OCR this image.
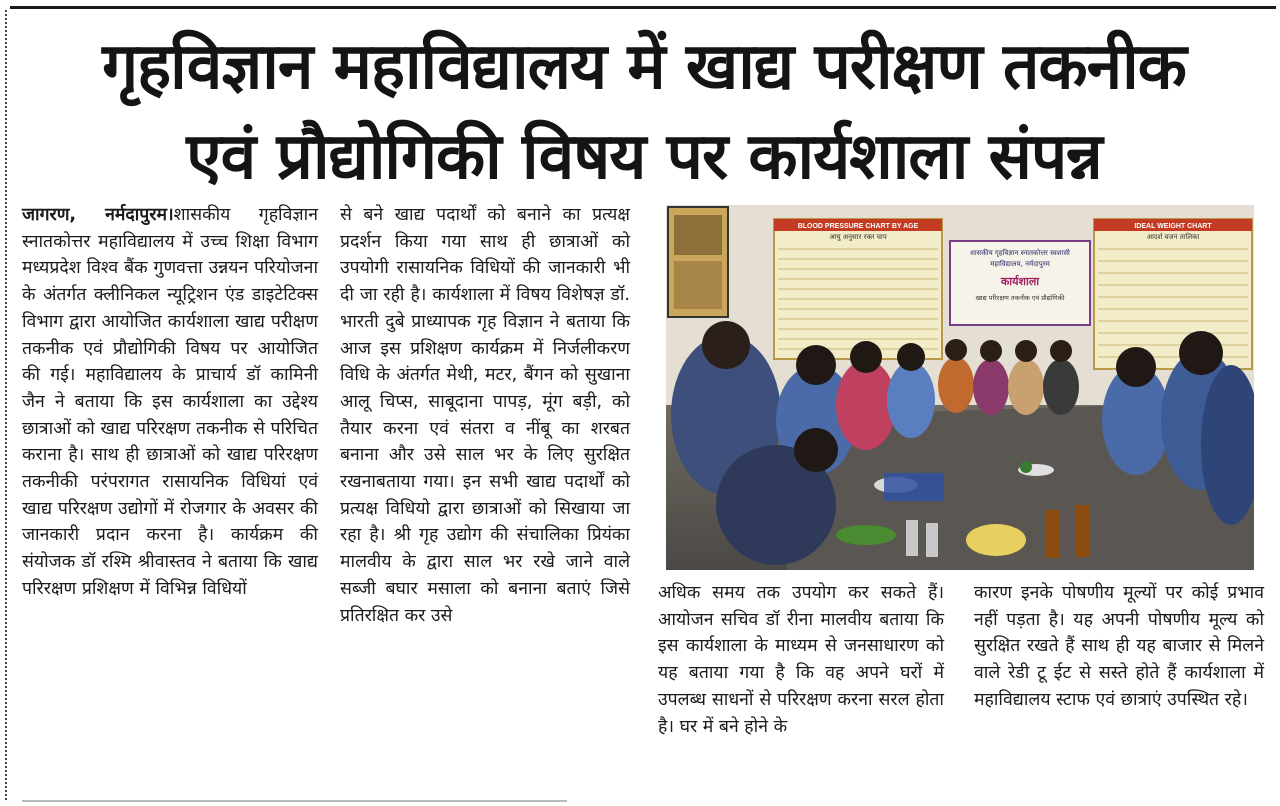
गृहविज्ञान महाविद्यालय में खाद्य परीक्षण तकनीक
एवं प्रौद्योगिकी विषय पर कार्यशाला संपन्न

जागरण, नर्मदापुरम।शासकीय गृहविज्ञान स्नातकोत्तर महाविद्यालय में उच्च शिक्षा विभाग मध्यप्रदेश विश्व बैंक गुणवत्ता उन्नयन परियोजना के अंतर्गत क्लीनिकल न्यूट्रिशन एंड डाइटेटिक्स विभाग द्वारा आयोजित कार्यशाला खाद्य परीक्षण तकनीक एवं प्रौद्योगिकी विषय पर आयोजित की गई। महाविद्यालय के प्राचार्य डॉ कामिनी जैन ने बताया कि इस कार्यशाला का उद्देश्य छात्राओं को खाद्य परिरक्षण तकनीक से परिचित कराना है। साथ ही छात्राओं को खाद्य परिरक्षण तकनीकी परंपरागत रासायनिक विधियां एवं खाद्य परिरक्षण उद्योगों में रोजगार के अवसर की जानकारी प्रदान करना है। कार्यक्रम की संयोजक डॉ रश्मि श्रीवास्तव ने बताया कि खाद्य परिरक्षण प्रशिक्षण में विभिन्न विधियों

से बने खाद्य पदार्थों को बनाने का प्रत्यक्ष प्रदर्शन किया गया साथ ही छात्राओं को उपयोगी रासायनिक विधियों की जानकारी भी दी जा रही है। कार्यशाला में विषय विशेषज्ञ डॉ. भारती दुबे प्राध्यापक गृह विज्ञान ने बताया कि आज इस प्रशिक्षण कार्यक्रम में निर्जलीकरण विधि के अंतर्गत मेथी, मटर, बैंगन को सुखाना आलू चिप्स, साबूदाना पापड़, मूंग बड़ी, को तैयार करना एवं संतरा व नींबू का शरबत बनाना और उसे साल भर के लिए सुरक्षित रखनाबताया गया। इन सभी खाद्य पदार्थों को प्रत्यक्ष विधियो द्वारा छात्राओं को सिखाया जा रहा है। श्री गृह उद्योग की संचालिका प्रियंका मालवीय के द्वारा साल भर रखे जाने वाले सब्जी बघार मसाला को बनाना बताएं जिसे प्रतिरक्षित कर उसे

BLOOD PRESSURE CHART BY AGE
आयु अनुसार रक्त चाप
शासकीय गृहविज्ञान स्नातकोत्तर स्वशासी
महाविद्यालय, नर्मदापुरम
कार्यशाला
खाद्य परिरक्षण तकनीक एवं प्रौद्योगिकी
IDEAL WEIGHT CHART
आदर्श वजन तालिका

अधिक समय तक उपयोग कर सकते हैं। आयोजन सचिव डॉ रीना मालवीय बताया कि इस कार्यशाला के माध्यम से जनसाधारण को यह बताया गया है कि वह अपने घरों में उपलब्ध साधनों से परिरक्षण करना सरल होता है। घर में बने होने के

कारण इनके पोषणीय मूल्यों पर कोई प्रभाव नहीं पड़ता है। यह अपनी पोषणीय मूल्य को सुरक्षित रखते हैं साथ ही यह बाजार से मिलने वाले रेडी टू ईट से सस्ते होते हैं कार्यशाला में महाविद्यालय स्टाफ एवं छात्राएं उपस्थित रहे।
